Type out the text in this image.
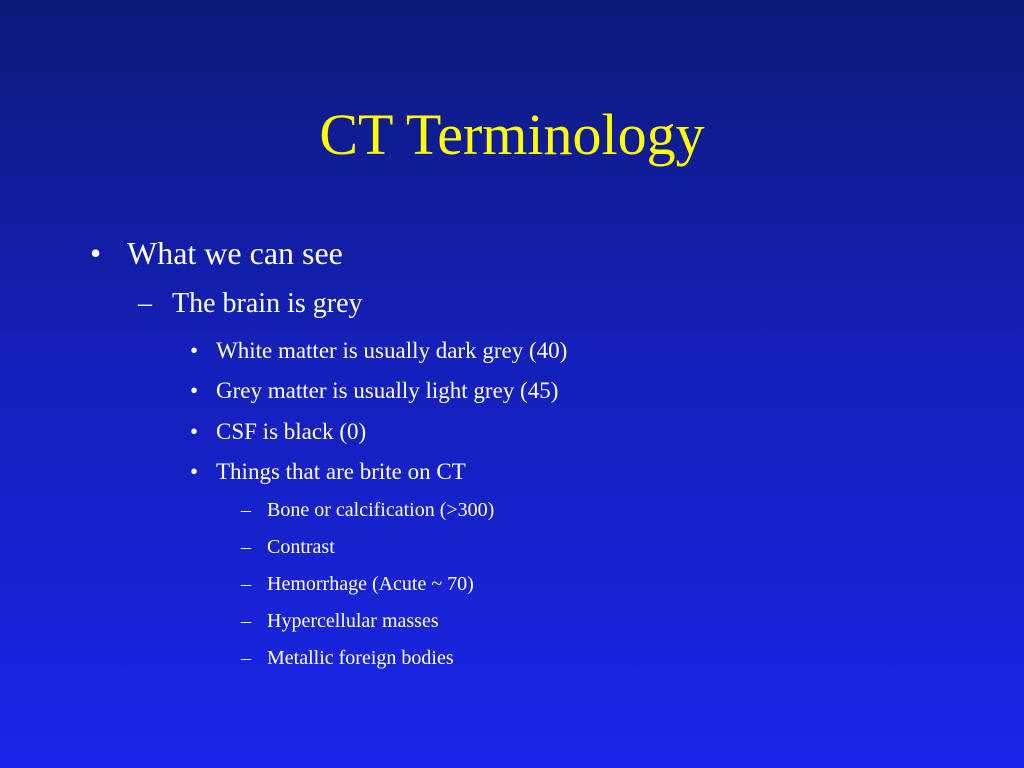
CT Terminology
• What we can see
– The brain is grey
• White matter is usually dark grey (40)
• Grey matter is usually light grey (45)
• CSF is black (0)
• Things that are brite on CT
– Bone or calcification (>300)
– Contrast
– Hemorrhage (Acute ~ 70)
– Hypercellular masses
– Metallic foreign bodies
